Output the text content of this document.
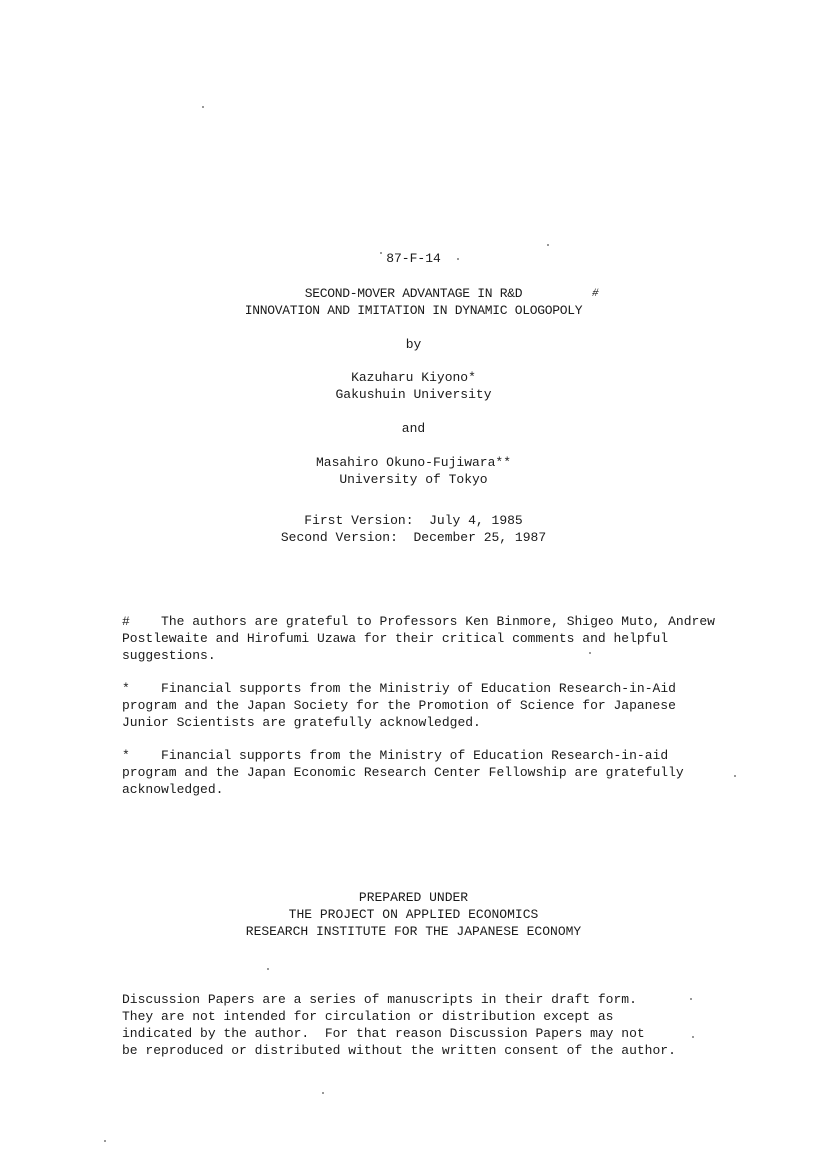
87-F-14
SECOND-MOVER ADVANTAGE IN R&D
INNOVATION AND IMITATION IN DYNAMIC OLOGOPOLY
#
by
Kazuharu Kiyono*
Gakushuin University
and
Masahiro Okuno-Fujiwara**
University of Tokyo
First Version:  July 4, 1985
Second Version:  December 25, 1987
# The authors are grateful to Professors Ken Binmore, Shigeo Muto, Andrew
Postlewaite and Hirofumi Uzawa for their critical comments and helpful
suggestions.
* Financial supports from the Ministriy of Education Research-in-Aid
program and the Japan Society for the Promotion of Science for Japanese
Junior Scientists are gratefully acknowledged.
* Financial supports from the Ministry of Education Research-in-aid
program and the Japan Economic Research Center Fellowship are gratefully
acknowledged.
PREPARED UNDER
THE PROJECT ON APPLIED ECONOMICS
RESEARCH INSTITUTE FOR THE JAPANESE ECONOMY
Discussion Papers are a series of manuscripts in their draft form.
They are not intended for circulation or distribution except as
indicated by the author.  For that reason Discussion Papers may not
be reproduced or distributed without the written consent of the author.
